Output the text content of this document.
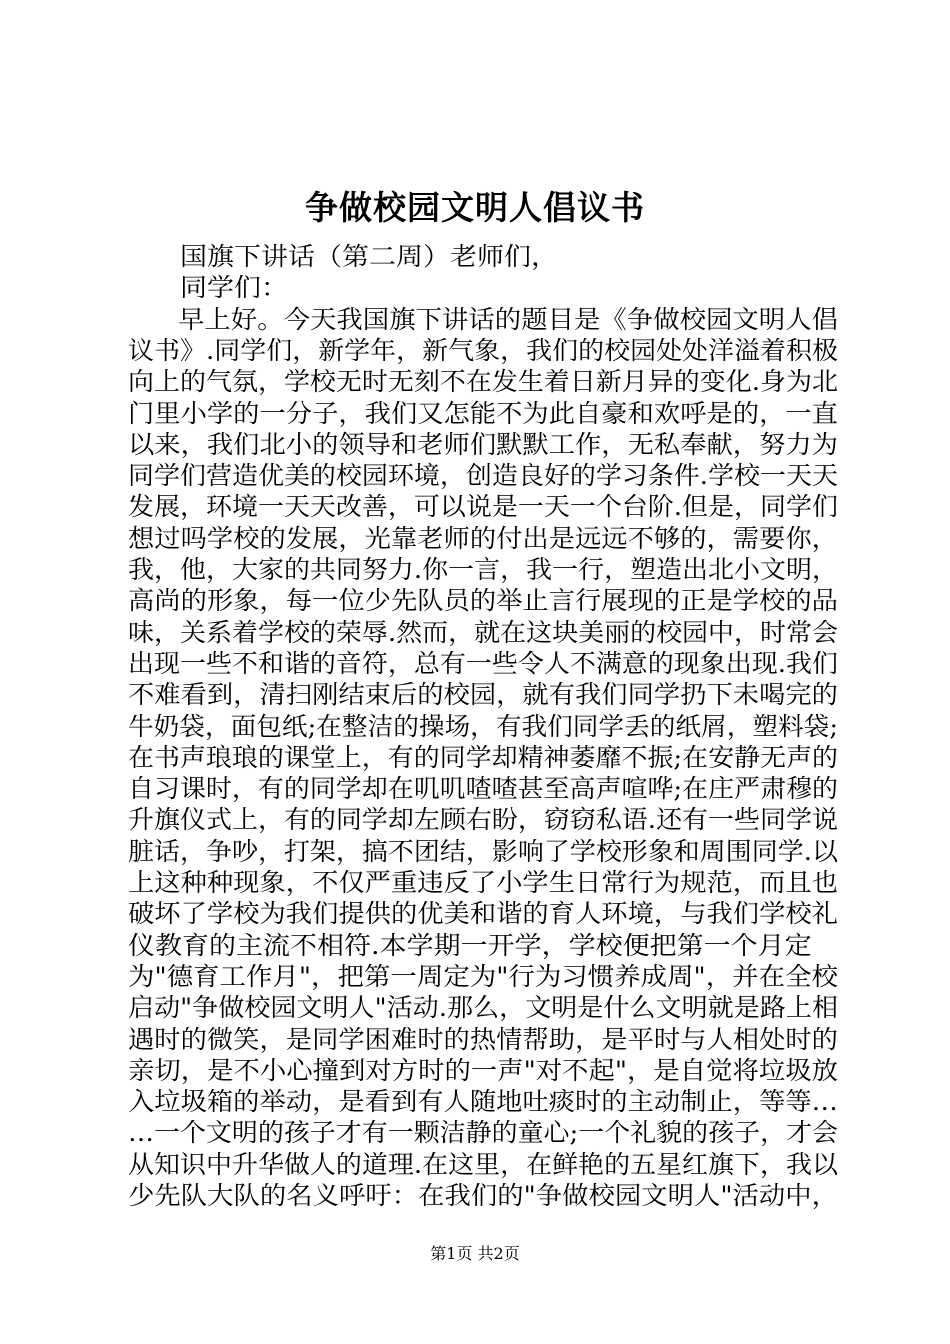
争做校园文明人倡议书
国旗下讲话（第二周）老师们，
同学们：
早上好。今天我国旗下讲话的题目是《争做校园文明人倡
议书》.同学们，新学年，新气象，我们的校园处处洋溢着积极
向上的气氛，学校无时无刻不在发生着日新月异的变化.身为北
门里小学的一分子，我们又怎能不为此自豪和欢呼是的，一直
以来，我们北小的领导和老师们默默工作，无私奉献，努力为
同学们营造优美的校园环境，创造良好的学习条件.学校一天天
发展，环境一天天改善，可以说是一天一个台阶.但是，同学们
想过吗学校的发展，光靠老师的付出是远远不够的，需要你，
我，他，大家的共同努力.你一言，我一行，塑造出北小文明，
高尚的形象，每一位少先队员的举止言行展现的正是学校的品
味，关系着学校的荣辱.然而，就在这块美丽的校园中，时常会
出现一些不和谐的音符，总有一些令人不满意的现象出现.我们
不难看到，清扫刚结束后的校园，就有我们同学扔下未喝完的
牛奶袋，面包纸;在整洁的操场，有我们同学丢的纸屑，塑料袋;
在书声琅琅的课堂上，有的同学却精神萎靡不振;在安静无声的
自习课时，有的同学却在叽叽喳喳甚至高声喧哗;在庄严肃穆的
升旗仪式上，有的同学却左顾右盼，窃窃私语.还有一些同学说
脏话，争吵，打架，搞不团结，影响了学校形象和周围同学.以
上这种种现象，不仅严重违反了小学生日常行为规范，而且也
破坏了学校为我们提供的优美和谐的育人环境，与我们学校礼
仪教育的主流不相符.本学期一开学，学校便把第一个月定
为"德育工作月"，把第一周定为"行为习惯养成周"，并在全校
启动"争做校园文明人"活动.那么，文明是什么文明就是路上相
遇时的微笑，是同学困难时的热情帮助，是平时与人相处时的
亲切，是不小心撞到对方时的一声"对不起"，是自觉将垃圾放
入垃圾箱的举动，是看到有人随地吐痰时的主动制止，等等…
…一个文明的孩子才有一颗洁静的童心;一个礼貌的孩子，才会
从知识中升华做人的道理.在这里，在鲜艳的五星红旗下，我以
少先队大队的名义呼吁：在我们的"争做校园文明人"活动中，
第1页 共2页
